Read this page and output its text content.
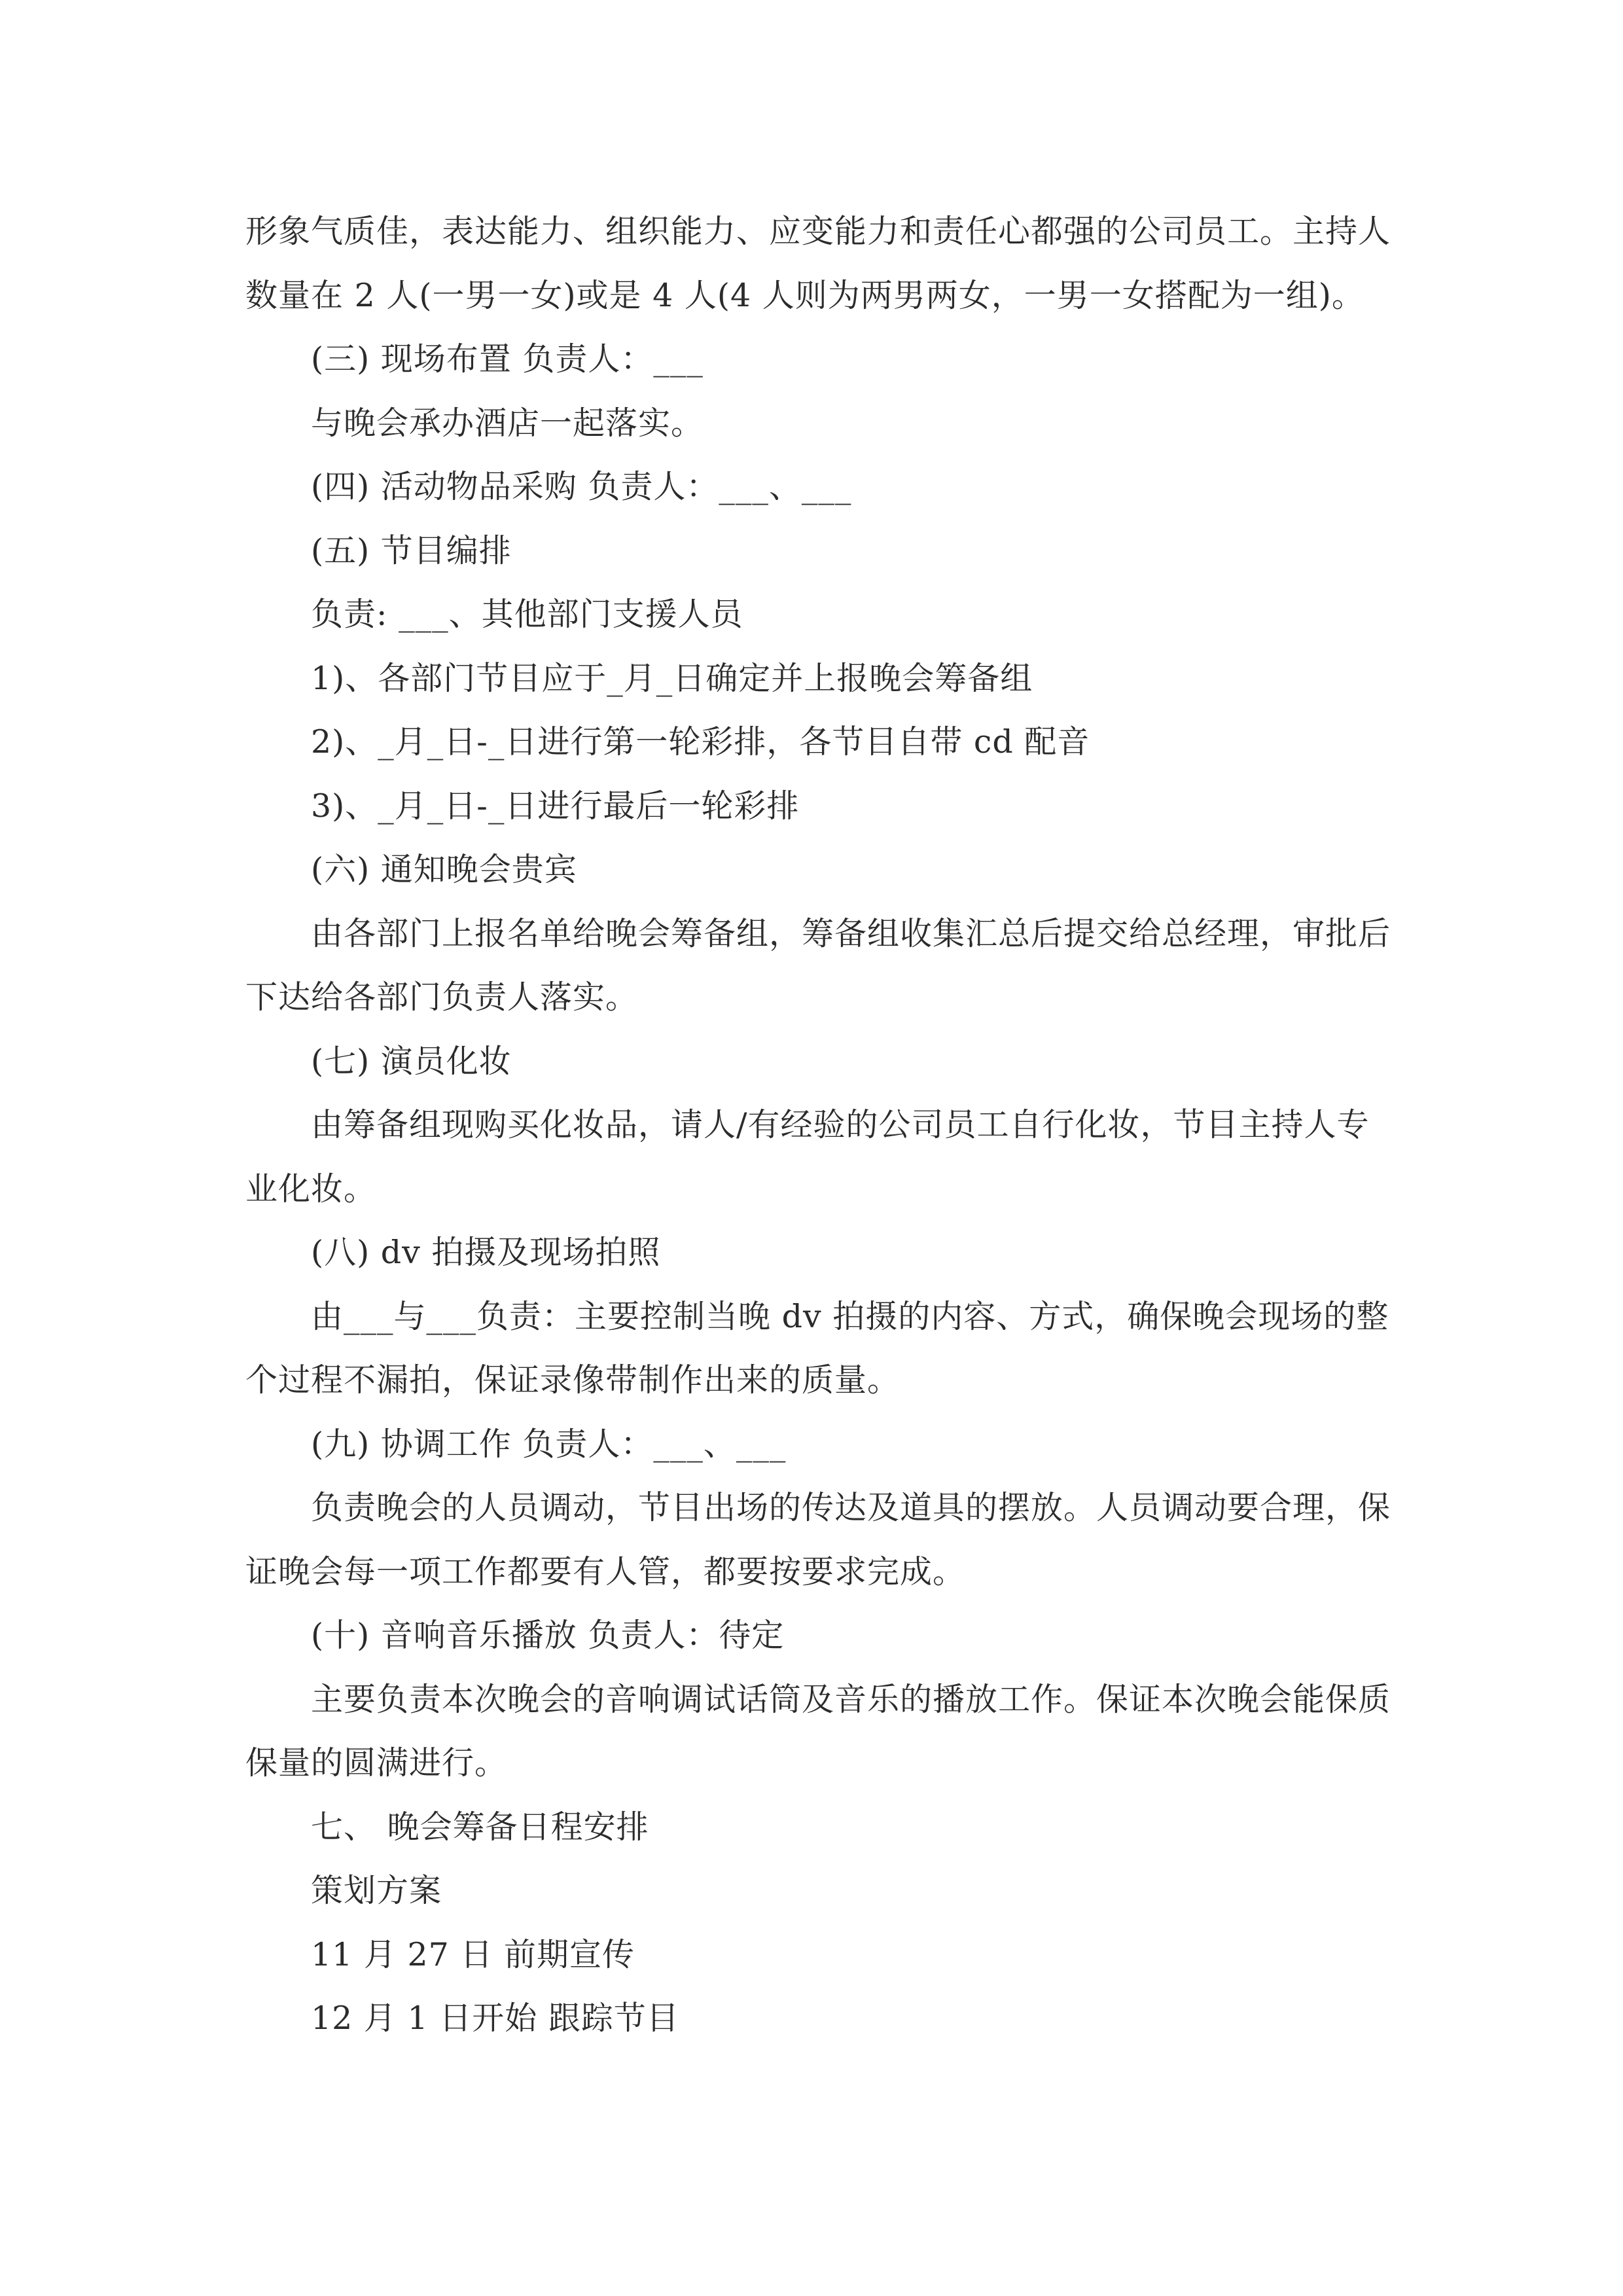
形象气质佳，表达能力、组织能力、应变能力和责任心都强的公司员工。主持人
数量在 2 人(一男一女)或是 4 人(4 人则为两男两女，一男一女搭配为一组)。
(三) 现场布置 负责人：___
与晚会承办酒店一起落实。
(四) 活动物品采购 负责人：___、___
(五) 节目编排
负责: ___、其他部门支援人员
1)、各部门节目应于_月_日确定并上报晚会筹备组
2)、_月_日-_日进行第一轮彩排，各节目自带 cd 配音
3)、_月_日-_日进行最后一轮彩排
(六) 通知晚会贵宾
由各部门上报名单给晚会筹备组，筹备组收集汇总后提交给总经理，审批后
下达给各部门负责人落实。
(七) 演员化妆
由筹备组现购买化妆品，请人/有经验的公司员工自行化妆，节目主持人专
业化妆。
(八) dv 拍摄及现场拍照
由___与___负责：主要控制当晚 dv 拍摄的内容、方式，确保晚会现场的整
个过程不漏拍，保证录像带制作出来的质量。
(九) 协调工作 负责人：___、___
负责晚会的人员调动，节目出场的传达及道具的摆放。人员调动要合理，保
证晚会每一项工作都要有人管，都要按要求完成。
(十) 音响音乐播放 负责人：待定
主要负责本次晚会的音响调试话筒及音乐的播放工作。保证本次晚会能保质
保量的圆满进行。
七、 晚会筹备日程安排
策划方案
11 月 27 日 前期宣传
12 月 1 日开始 跟踪节目
